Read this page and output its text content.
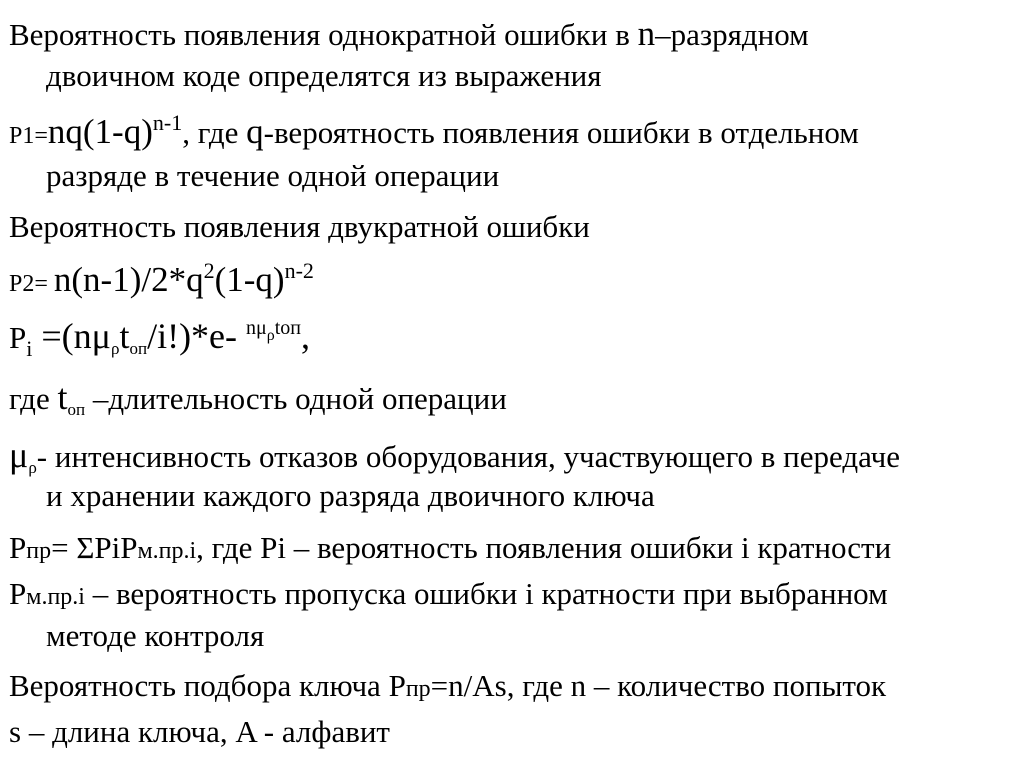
Вероятность появления однократной ошибки в n–разрядном
двоичном коде определятся из выражения
$P1=nq(1-q)^{n-1}$, где q-вероятность появления ошибки в отдельном
разряде в течение одной операции
Вероятность появления двукратной ошибки
$P2= n(n-1)/2*q^2(1-q)^{n-2}$
$P_i =(n\mu\rho tоп/i!)*e-$ $^{n\mu\rho tоп}$,
где tоп –длительность одной операции
μρ- интенсивность отказов оборудования, участвующего в передаче
и хранении каждого разряда двоичного ключа
Pпр= ΣPiPм.пр.i, где Pi – вероятность появления ошибки i кратности
Pм.пр.i – вероятность пропуска ошибки i кратности при выбранном
методе контроля
Вероятность подбора ключа Pпр=n/As, где n – количество попыток
s – длина ключа, A - алфавит
